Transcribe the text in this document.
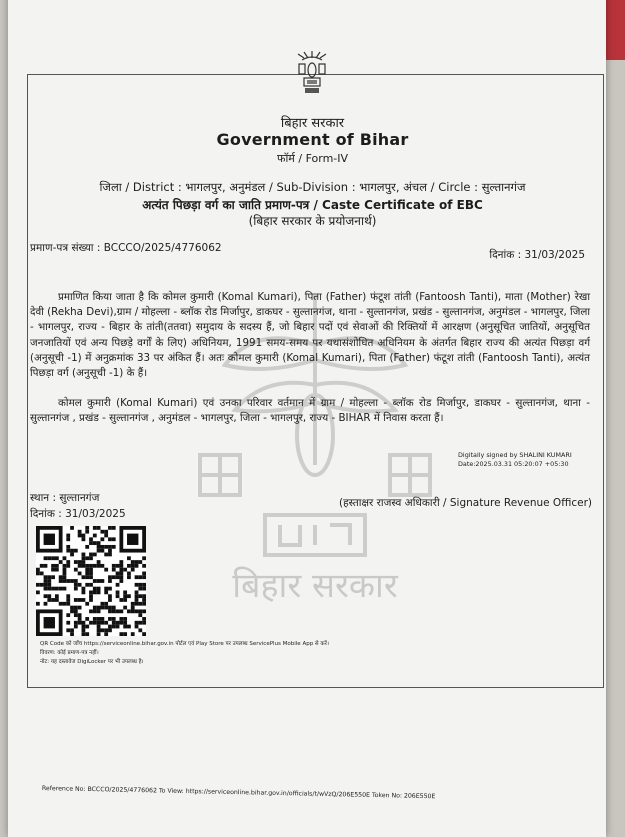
बिहार सरकार
Government of Bihar
फॉर्म / Form-IV
जिला / District : भागलपुर, अनुमंडल / Sub-Division : भागलपुर, अंचल / Circle : सुल्तानगंज
अत्यंत पिछड़ा वर्ग का जाति प्रमाण-पत्र / Caste Certificate of EBC
(बिहार सरकार के प्रयोजनार्थ)
प्रमाण-पत्र संख्या : BCCCO/2025/4776062
दिनांक : 31/03/2025
बिहार सरकार
प्रमाणित किया जाता है कि कोमल कुमारी (Komal Kumari), पिता (Father) फंटूश तांती (Fantoosh Tanti), माता (Mother) रेखा देवी (Rekha Devi),ग्राम / मोहल्ला - ब्लॉक रोड मिर्जापुर, डाकघर - सुल्तानगंज, थाना - सुल्तानगंज, प्रखंड - सुल्तानगंज, अनुमंडल - भागलपुर, जिला - भागलपुर, राज्य - बिहार के तांती(ततवा) समुदाय के सदस्य हैं, जो बिहार पदों एवं सेवाओं की रिक्तियों में आरक्षण (अनुसूचित जातियों, अनुसूचित जनजातियों एवं अन्य पिछड़े वर्गों के लिए) अधिनियम, 1991 समय-समय पर यथासंशोधित अधिनियम के अंतर्गत बिहार राज्य की अत्यंत पिछड़ा वर्ग (अनुसूची -1) में अनुक्रमांक 33 पर अंकित हैं। अतः कोमल कुमारी (Komal Kumari), पिता (Father) फंटूश तांती (Fantoosh Tanti), अत्यंत पिछड़ा वर्ग (अनुसूची -1) के हैं।
कोमल कुमारी (Komal Kumari) एवं उनका परिवार वर्तमान में ग्राम / मोहल्ला - ब्लॉक रोड मिर्जापुर, डाकघर - सुल्तानगंज, थाना - सुल्तानगंज , प्रखंड - सुल्तानगंज , अनुमंडल - भागलपुर, जिला - भागलपुर, राज्य - BIHAR में निवास करता हैं।
Digitally signed by SHALINI KUMARI
Date:2025.03.31 05:20:07 +05:30
स्थान : सुल्तानगंज
दिनांक : 31/03/2025
(हस्ताक्षर राजस्व अधिकारी / Signature Revenue Officer)
QR Code को जाँच https://serviceonline.bihar.gov.in पोर्टल एवं Play Store पर उपलब्ध ServicePlus Mobile App से करें।
विवरण: कोई प्रमाण-पत्र नहीं।
नोट: यह दस्तावेज DigiLocker पर भी उपलब्ध है।
Reference No: BCCCO/2025/4776062 To View: https://serviceonline.bihar.gov.in/officials/t/wVzQ/206E550E Token No: 206E550E
